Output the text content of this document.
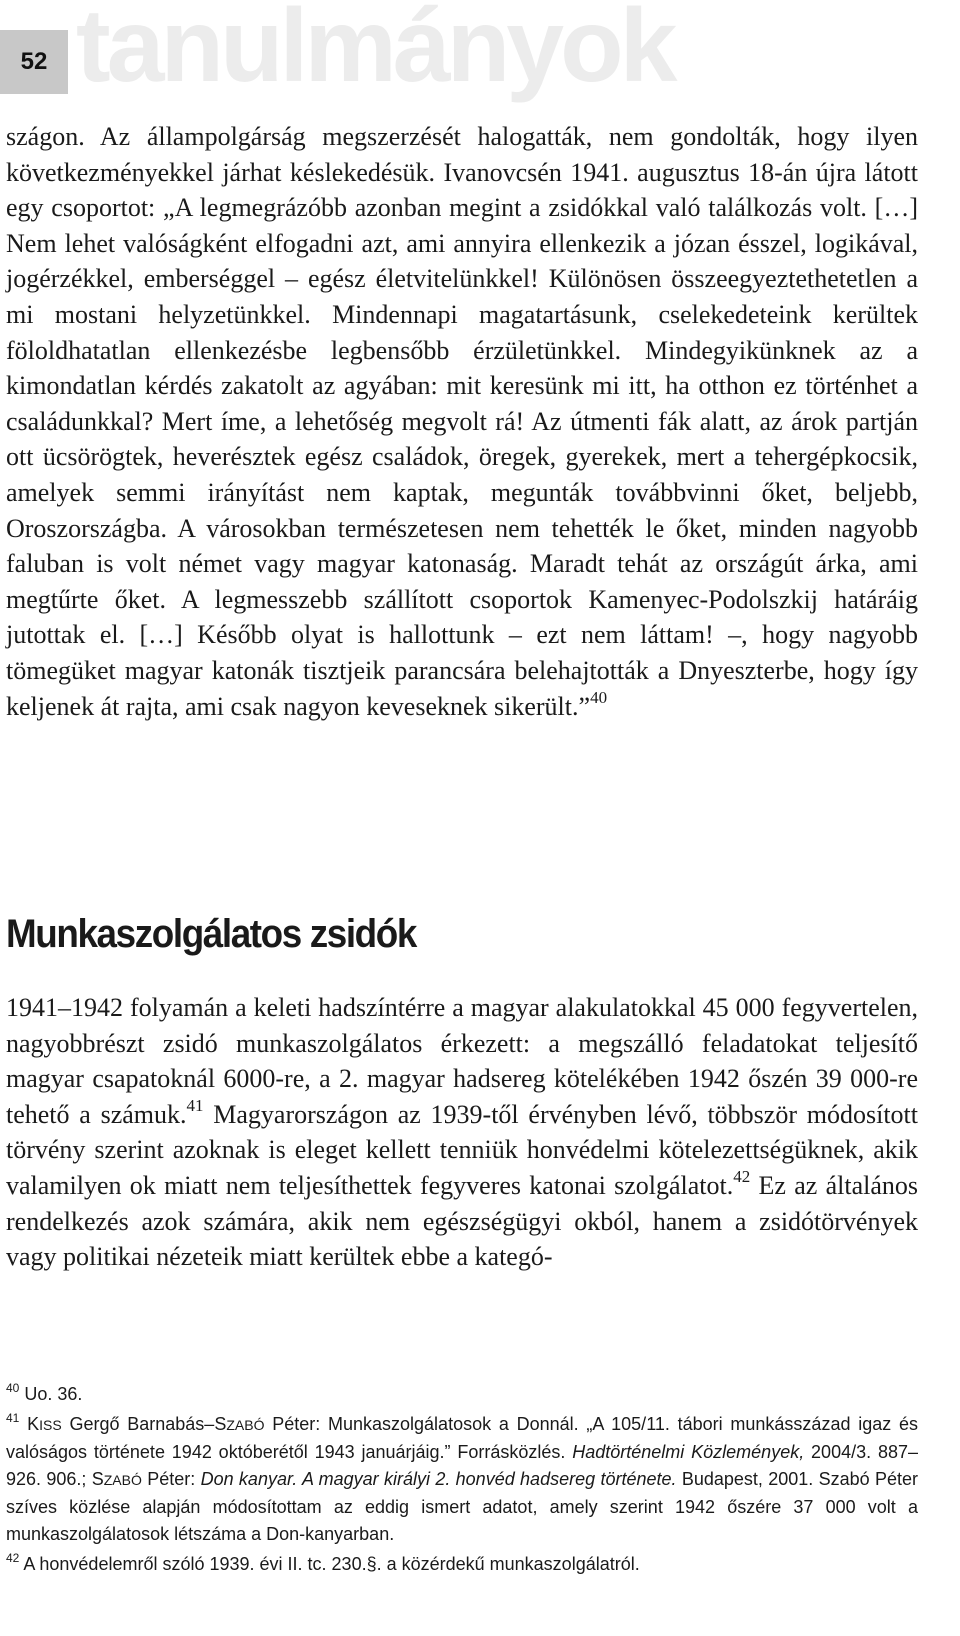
52 tanulmányok

szágon. Az állampolgárság megszerzését halogatták, nem gondolták, hogy ilyen következményekkel járhat késlekedésük. Ivanovcsén 1941. augusztus 18-án újra látott egy csoportot: „A legmegrázóbb azonban megint a zsidókkal való találkozás volt. […] Nem lehet valóságként elfogadni azt, ami annyira ellenkezik a józan ésszel, logikával, jogérzékkel, emberséggel – egész életvitelünkkel! Különösen összeegyeztethetetlen a mi mostani helyzetünkkel. Mindennapi magatartásunk, cselekedeteink kerültek föloldhatatlan ellenkezésbe legbensőbb érzületünkkel. Mindegyikünknek az a kimondatlan kérdés zakatolt az agyában: mit keresünk mi itt, ha otthon ez történhet a családunkkal? Mert íme, a lehetőség megvolt rá! Az útmenti fák alatt, az árok partján ott ücsörögtek, heverésztek egész családok, öregek, gyerekek, mert a tehergépkocsik, amelyek semmi irányítást nem kaptak, megunták továbbvinni őket, beljebb, Oroszországba. A városokban természetesen nem tehették le őket, minden nagyobb faluban is volt német vagy magyar katonaság. Maradt tehát az országút árka, ami megtűrte őket. A legmesszebb szállított csoportok Kamenyec-Podolszkij határáig jutottak el. […] Később olyat is hallottunk – ezt nem láttam! –, hogy nagyobb tömegüket magyar katonák tisztjeik parancsára belehajtották a Dnyeszterbe, hogy így keljenek át rajta, ami csak nagyon keveseknek sikerült.”$^{40}$

Munkaszolgálatos zsidók

1941–1942 folyamán a keleti hadszíntérre a magyar alakulatokkal 45 000 fegyvertelen, nagyobbrészt zsidó munkaszolgálatos érkezett: a megszálló feladatokat teljesítő magyar csapatoknál 6000-re, a 2. magyar hadsereg kötelékében 1942 őszén 39 000-re tehető a számuk.$^{41}$ Magyarországon az 1939-től érvényben lévő, többször módosított törvény szerint azoknak is eleget kellett tenniük honvédelmi kötelezettségüknek, akik valamilyen ok miatt nem teljesíthettek fegyveres katonai szolgálatot.$^{42}$ Ez az általános rendelkezés azok számára, akik nem egészségügyi okból, hanem a zsidótörvények vagy politikai nézeteik miatt kerültek ebbe a kategó-

$^{40}$ Uo. 36.

$^{41}$ KISS Gergő Barnabás–SZABÓ Péter: Munkaszolgálatosok a Donnál. „A 105/11. tábori munkásszázad igaz és valóságos története 1942 októberétől 1943 januárjáig.” Forrásközlés. Hadtörténelmi Közlemények, 2004/3. 887–926. 906.; SZABÓ Péter: Don kanyar. A magyar királyi 2. honvéd hadsereg története. Budapest, 2001. Szabó Péter szíves közlése alapján módosítottam az eddig ismert adatot, amely szerint 1942 őszére 37 000 volt a munkaszolgálatosok létszáma a Don-kanyarban.

$^{42}$ A honvédelemről szóló 1939. évi II. tc. 230.§. a közérdekű munkaszolgálatról.
